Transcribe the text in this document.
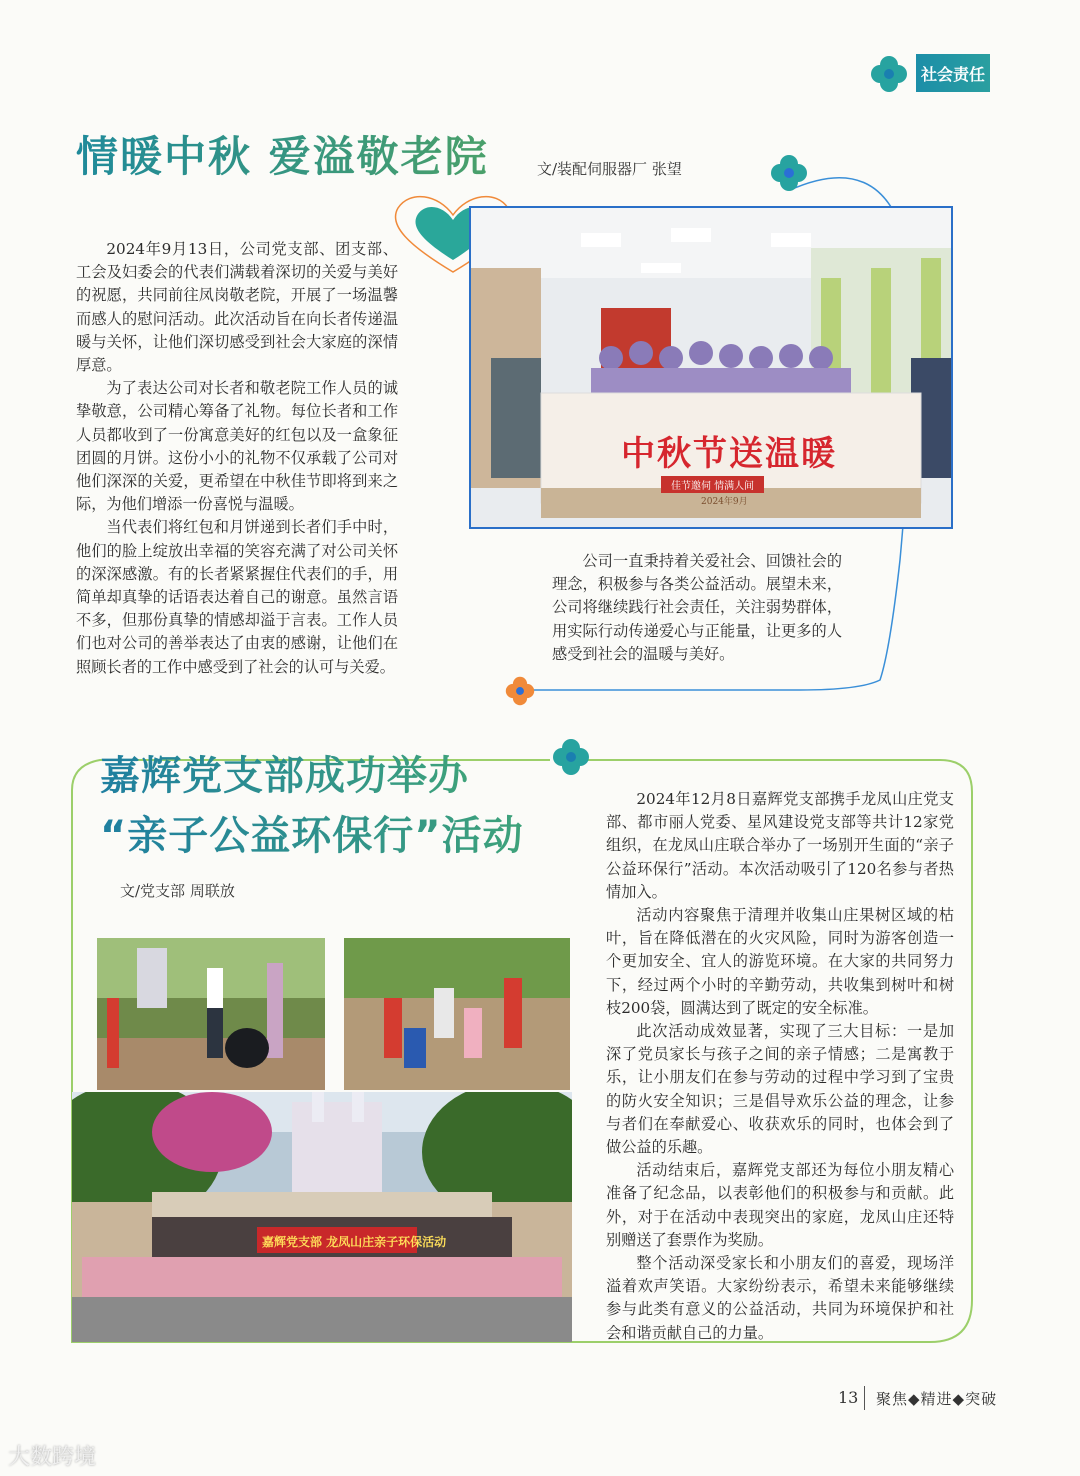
社会责任
情暖中秋 爱溢敬老院	文/装配伺服器厂 张望

2024年9月13日，公司党支部、团支部、工会及妇委会的代表们满载着深切的关爱与美好的祝愿，共同前往凤岗敬老院，开展了一场温馨而感人的慰问活动。此次活动旨在向长者传递温暖与关怀，让他们深切感受到社会大家庭的深情厚意。

为了表达公司对长者和敬老院工作人员的诚挚敬意，公司精心筹备了礼物。每位长者和工作人员都收到了一份寓意美好的红包以及一盒象征团圆的月饼。这份小小的礼物不仅承载了公司对他们深深的关爱，更希望在中秋佳节即将到来之际，为他们增添一份喜悦与温暖。

当代表们将红包和月饼递到长者们手中时，他们的脸上绽放出幸福的笑容充满了对公司关怀的深深感激。有的长者紧紧握住代表们的手，用简单却真挚的话语表达着自己的谢意。虽然言语不多，但那份真挚的情感却溢于言表。工作人员们也对公司的善举表达了由衷的感谢，让他们在照顾长者的工作中感受到了社会的认可与关爱。

中秋节送温暖
佳节邀伺 情满人间
2024年9月

公司一直秉持着关爱社会、回馈社会的理念，积极参与各类公益活动。展望未来，公司将继续践行社会责任，关注弱势群体，用实际行动传递爱心与正能量，让更多的人感受到社会的温暖与美好。

嘉辉党支部成功举办
“亲子公益环保行”活动
文/党支部 周联放

2024年12月8日嘉辉党支部携手龙凤山庄党支部、都市丽人党委、星风建设党支部等共计12家党组织，在龙凤山庄联合举办了一场别开生面的“亲子公益环保行”活动。本次活动吸引了120名参与者热情加入。

活动内容聚焦于清理并收集山庄果树区域的枯叶，旨在降低潜在的火灾风险，同时为游客创造一个更加安全、宜人的游览环境。在大家的共同努力下，经过两个小时的辛勤劳动，共收集到树叶和树枝200袋，圆满达到了既定的安全标准。

此次活动成效显著，实现了三大目标：一是加深了党员家长与孩子之间的亲子情感；二是寓教于乐，让小朋友们在参与劳动的过程中学习到了宝贵的防火安全知识；三是倡导欢乐公益的理念，让参与者们在奉献爱心、收获欢乐的同时，也体会到了做公益的乐趣。

活动结束后，嘉辉党支部还为每位小朋友精心准备了纪念品，以表彰他们的积极参与和贡献。此外，对于在活动中表现突出的家庭，龙凤山庄还特别赠送了套票作为奖励。

整个活动深受家长和小朋友们的喜爱，现场洋溢着欢声笑语。大家纷纷表示，希望未来能够继续参与此类有意义的公益活动，共同为环境保护和社会和谐贡献自己的力量。

嘉辉党支部 龙凤山庄亲子环保活动
13 聚焦◆精进◆突破
大数跨境
